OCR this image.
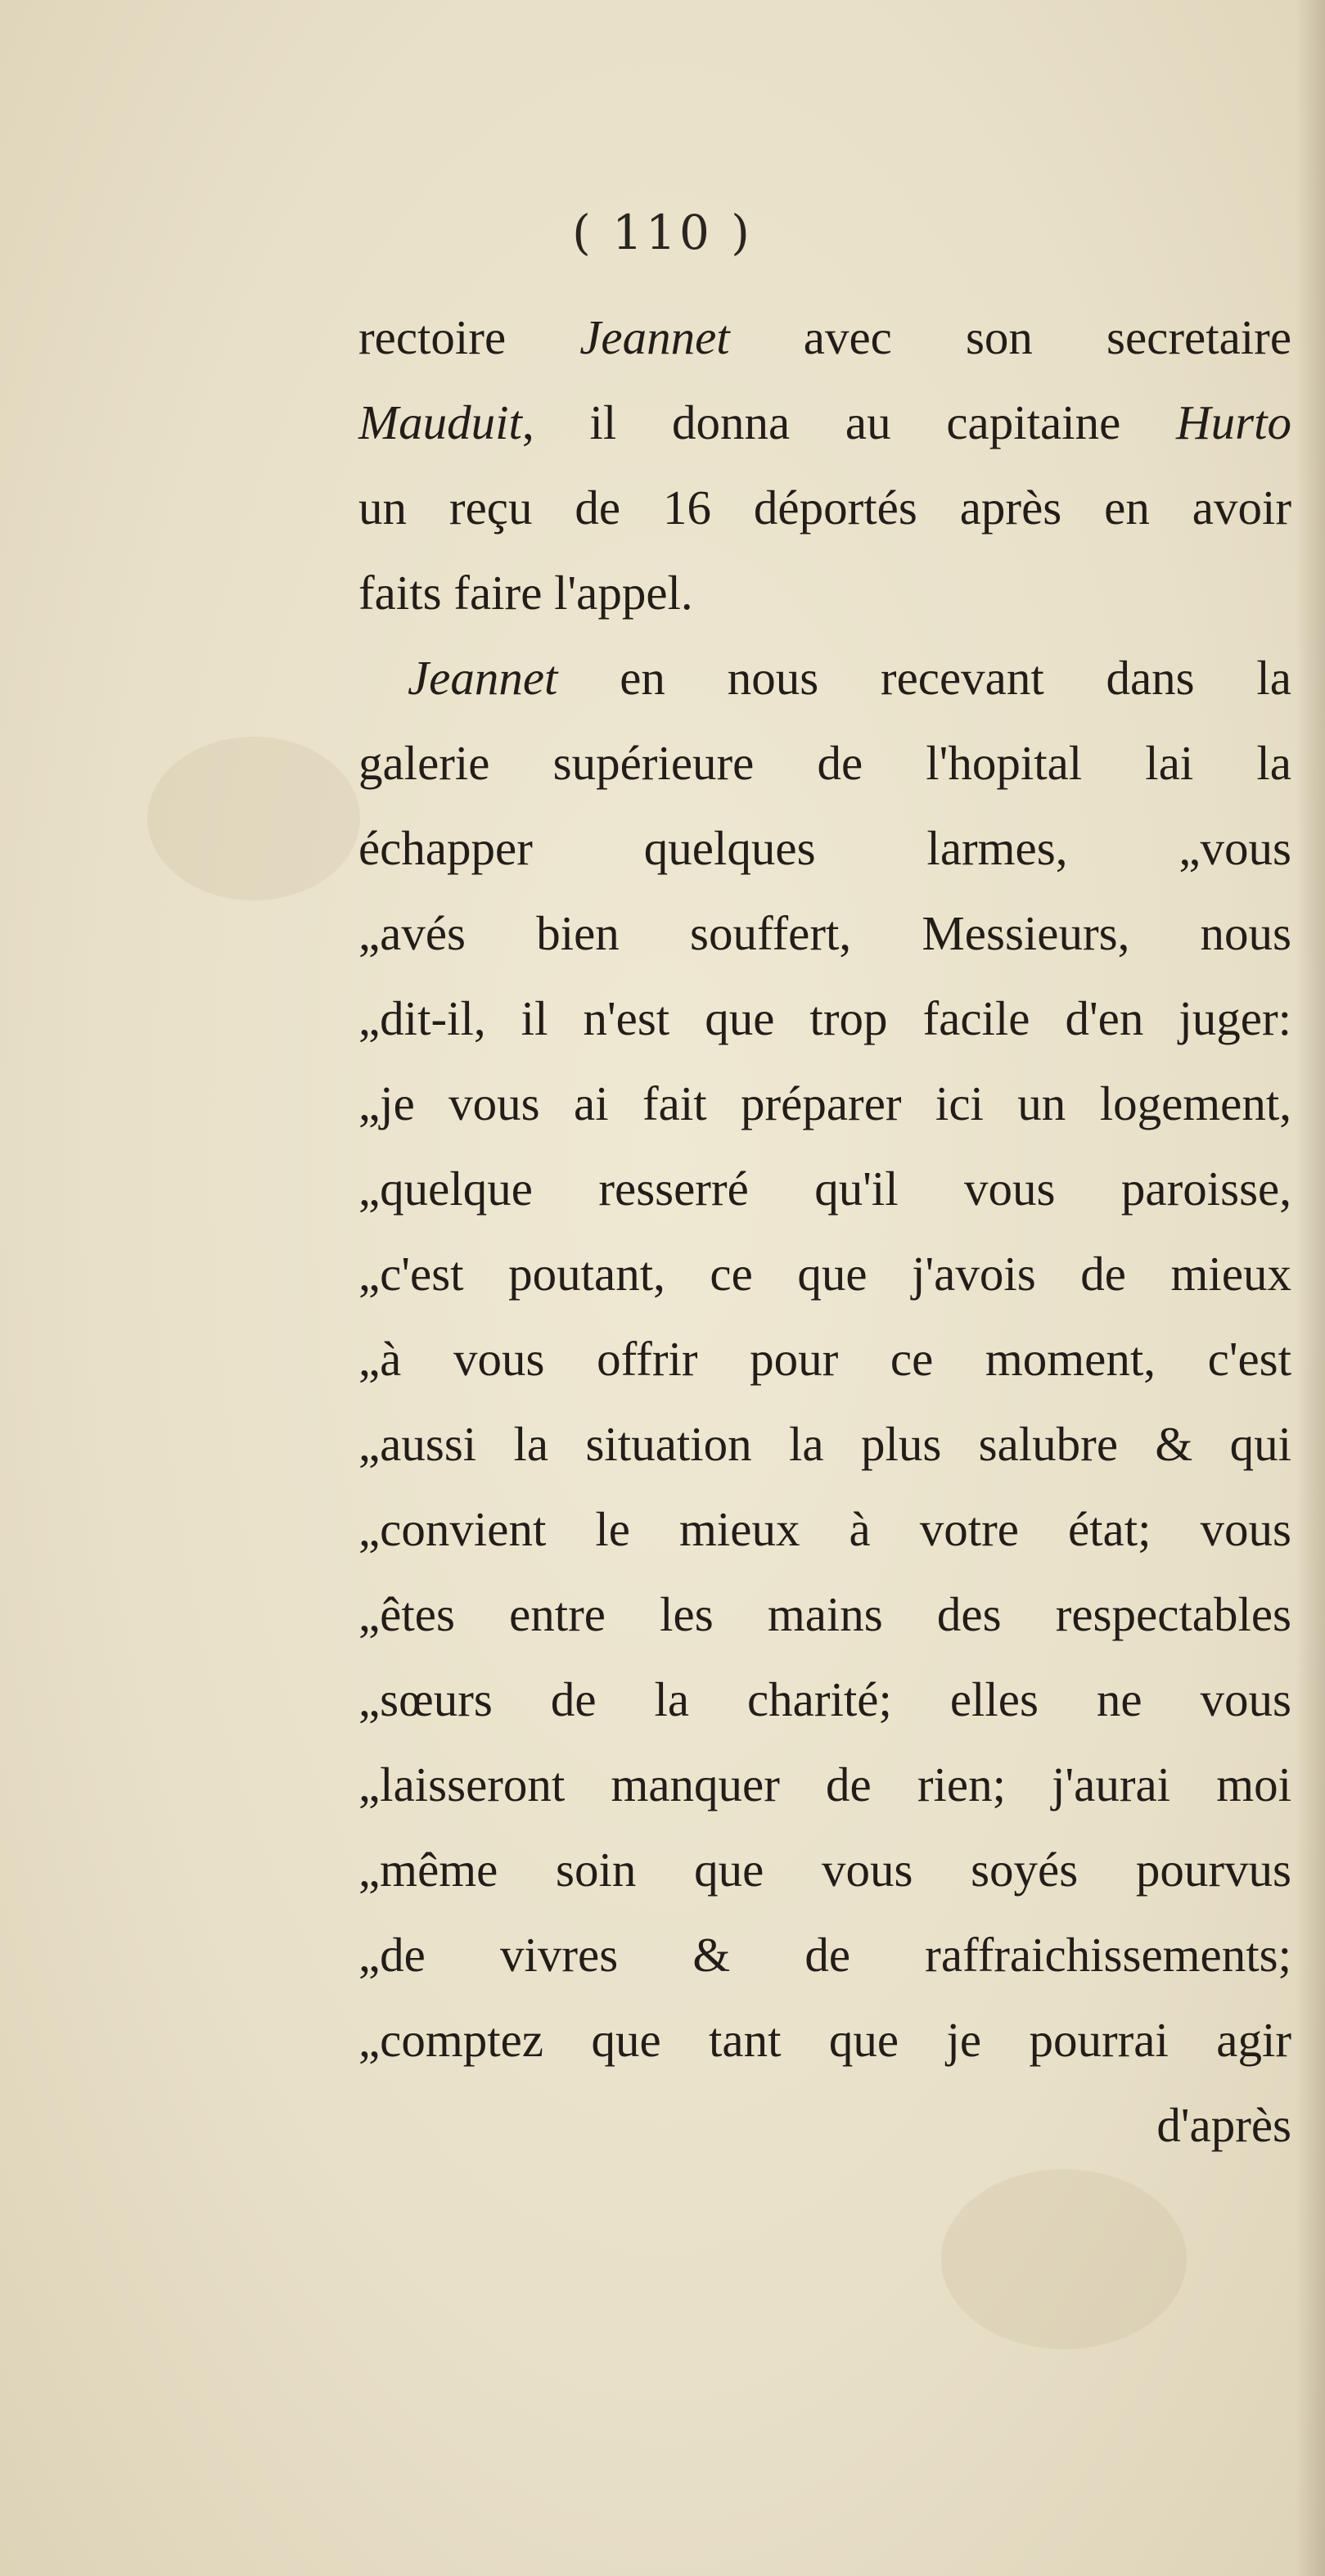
( 110 )
rectoire Jeannet avec son secretaire
Mauduit, il donna au capitaine Hurto
un reçu de 16 déportés après en avoir
faits faire l'appel.
Jeannet en nous recevant dans la
galerie supérieure de l'hopital lai la
échapper quelques larmes, „vous
„avés bien souffert, Messieurs, nous
„dit-il, il n'est que trop facile d'en juger:
„je vous ai fait préparer ici un logement,
„quelque resserré qu'il vous paroisse,
„c'est poutant, ce que j'avois de mieux
„à vous offrir pour ce moment, c'est
„aussi la situation la plus salubre & qui
„convient le mieux à votre état; vous
„êtes entre les mains des respectables
„sœurs de la charité; elles ne vous
„laisseront manquer de rien; j'aurai moi
„même soin que vous soyés pourvus
„de vivres & de raffraichissements;
„comptez que tant que je pourrai agir
d'après
